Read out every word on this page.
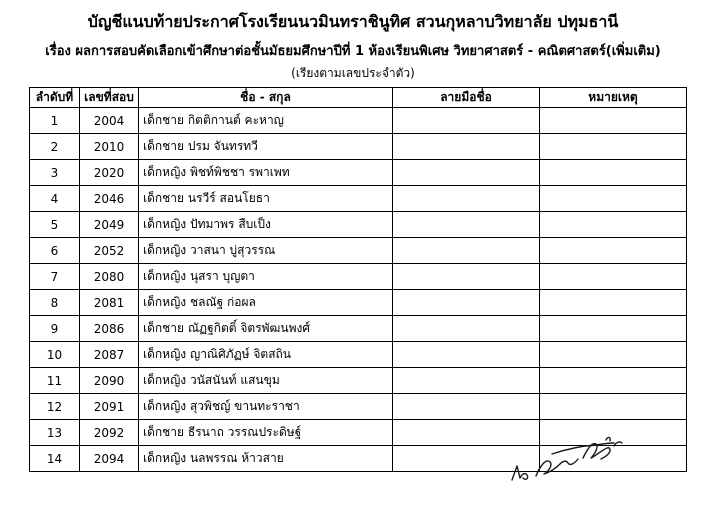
บัญชีแนบท้ายประกาศโรงเรียนนวมินทราชินูทิศ สวนกุหลาบวิทยาลัย ปทุมธานี
เรื่อง ผลการสอบคัดเลือกเข้าศึกษาต่อชั้นมัธยมศึกษาปีที่ 1 ห้องเรียนพิเศษ วิทยาศาสตร์ - คณิตศาสตร์(เพิ่มเติม)
(เรียงตามเลขประจำตัว)
ลำดับที่	เลขที่สอบ	ชื่อ - สกุล	ลายมือชื่อ	หมายเหตุ
1	2004	เด็กชาย กิตติกานต์ คะหาญ		
2	2010	เด็กชาย ปรม จันทรทวี		
3	2020	เด็กหญิง พิชท์พิชชา รพาเพท		
4	2046	เด็กชาย นรวีร์ สอนโยธา		
5	2049	เด็กหญิง ปัทมาพร สืบเป็ง		
6	2052	เด็กหญิง วาสนา บู่สุวรรณ		
7	2080	เด็กหญิง นุสรา บุญตา		
8	2081	เด็กหญิง ชลณัฐ ก่อผล		
9	2086	เด็กชาย ณัฏฐกิตติ์ จิตรพัฒนพงศ์		
10	2087	เด็กหญิง ญาณิศิภัฏษ์ จิตสถิน		
11	2090	เด็กหญิง วนัสนันท์ แสนขุม		
12	2091	เด็กหญิง สุวพิชญ์ ขานทะราชา		
13	2092	เด็กชาย ธีรนาถ วรรณประดิษฐ์		
14	2094	เด็กหญิง นลพรรณ ห้าวสาย		
